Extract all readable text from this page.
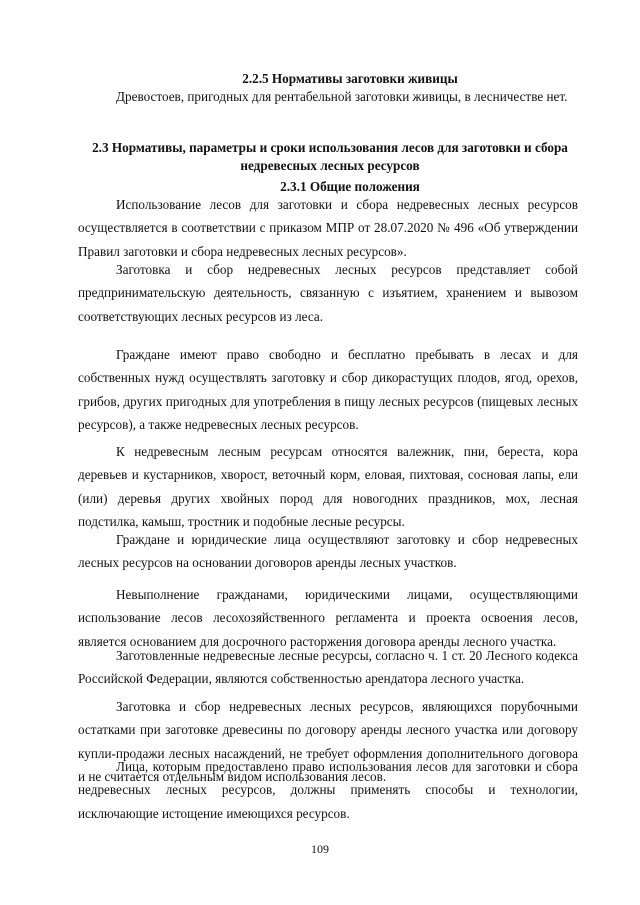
2.2.5 Нормативы заготовки живицы
Древостоев, пригодных для рентабельной заготовки живицы, в лесничестве нет.
2.3 Нормативы, параметры и сроки использования лесов для заготовки и сбора недревесных лесных ресурсов
2.3.1 Общие положения

Использование лесов для заготовки и сбора недревесных лесных ресурсов осуществляется в соответствии с приказом МПР от 28.07.2020 № 496 «Об утверждении Правил заготовки и сбора недревесных лесных ресурсов».

Заготовка и сбор недревесных лесных ресурсов представляет собой предпринимательскую деятельность, связанную с изъятием, хранением и вывозом соответствующих лесных ресурсов из леса.

Граждане имеют право свободно и бесплатно пребывать в лесах и для собственных нужд осуществлять заготовку и сбор дикорастущих плодов, ягод, орехов, грибов, других пригодных для употребления в пищу лесных ресурсов (пищевых лесных ресурсов), а также недревесных лесных ресурсов.

К недревесным лесным ресурсам относятся валежник, пни, береста, кора деревьев и кустарников, хворост, веточный корм, еловая, пихтовая, сосновая лапы, ели (или) деревья других хвойных пород для новогодних праздников, мох, лесная подстилка, камыш, тростник и подобные лесные ресурсы.

Граждане и юридические лица осуществляют заготовку и сбор недревесных лесных ресурсов на основании договоров аренды лесных участков.

Невыполнение гражданами, юридическими лицами, осуществляющими использование лесов лесохозяйственного регламента и проекта освоения лесов, является основанием для досрочного расторжения договора аренды лесного участка.

Заготовленные недревесные лесные ресурсы, согласно ч. 1 ст. 20 Лесного кодекса Российской Федерации, являются собственностью арендатора лесного участка.

Заготовка и сбор недревесных лесных ресурсов, являющихся порубочными остатками при заготовке древесины по договору аренды лесного участка или договору купли-продажи лесных насаждений, не требует оформления дополнительного договора и не считается отдельным видом использования лесов.

Лица, которым предоставлено право использования лесов для заготовки и сбора недревесных лесных ресурсов, должны применять способы и технологии, исключающие истощение имеющихся ресурсов.

109
